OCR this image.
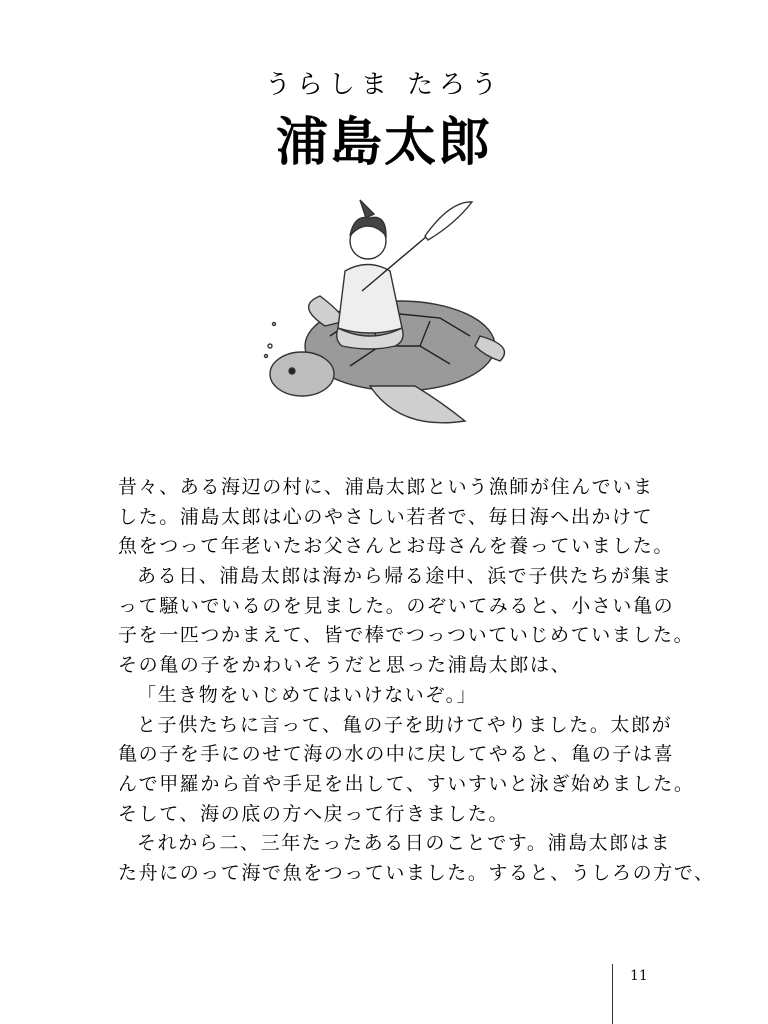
うらしま たろう
浦島太郎
昔々、ある海辺の村に、浦島太郎という漁師が住んでいま
した。浦島太郎は心のやさしい若者で、毎日海へ出かけて
魚をつって年老いたお父さんとお母さんを養っていました。
ある日、浦島太郎は海から帰る途中、浜で子供たちが集ま
って騒いでいるのを見ました。のぞいてみると、小さい亀の
子を一匹つかまえて、皆で棒でつっついていじめていました。
その亀の子をかわいそうだと思った浦島太郎は、
「生き物をいじめてはいけないぞ。」
と子供たちに言って、亀の子を助けてやりました。太郎が
亀の子を手にのせて海の水の中に戻してやると、亀の子は喜
んで甲羅から首や手足を出して、すいすいと泳ぎ始めました。
そして、海の底の方へ戻って行きました。
それから二、三年たったある日のことです。浦島太郎はま
た舟にのって海で魚をつっていました。すると、うしろの方で、
11
